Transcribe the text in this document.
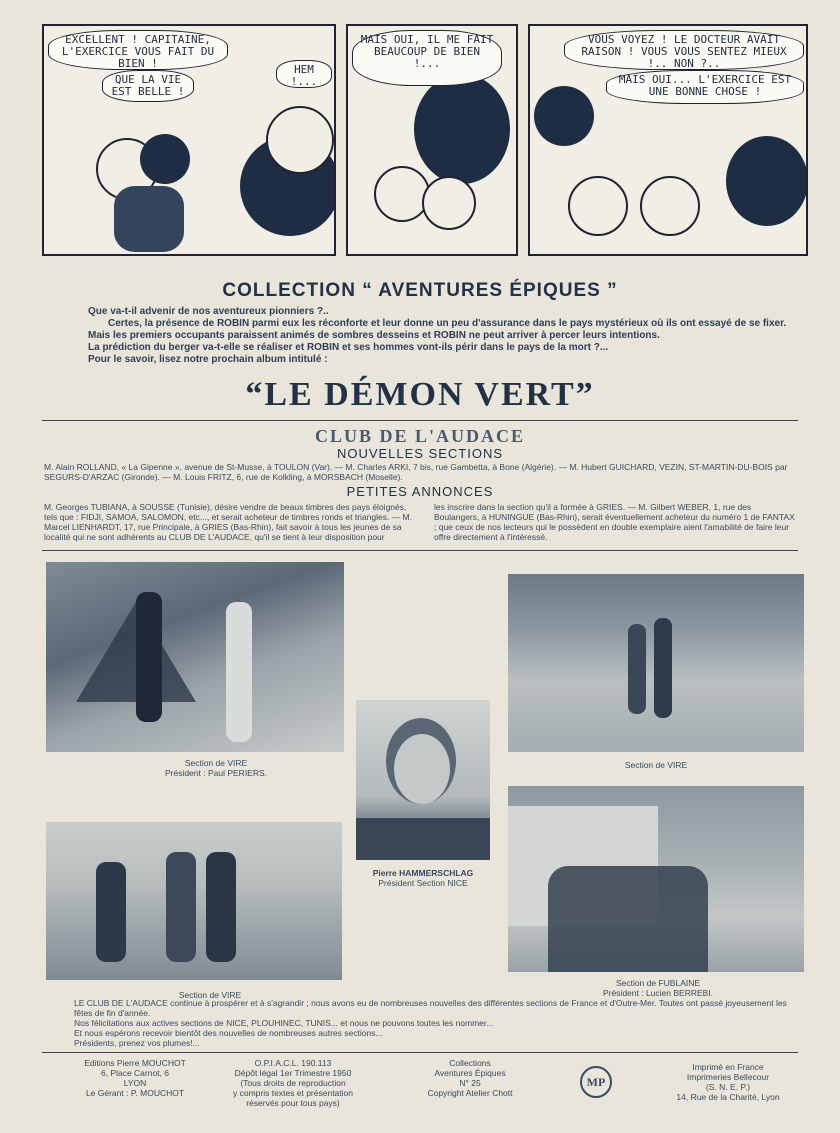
EXCELLENT ! CAPITAINE, L'EXERCICE VOUS FAIT DU BIEN !
QUE LA VIE EST BELLE !
HEM !...
MAIS OUI, IL ME FAIT BEAUCOUP DE BIEN !...
VOUS VOYEZ ! LE DOCTEUR AVAIT RAISON ! VOUS VOUS SENTEZ MIEUX !.. NON ?..
MAIS OUI... L'EXERCICE EST UNE BONNE CHOSE !
COLLECTION “ AVENTURES ÉPIQUES ”

Que va-t-il advenir de nos aventureux pionniers ?..

Certes, la présence de ROBIN parmi eux les réconforte et leur donne un peu d'assurance dans le pays mystérieux où ils ont essayé de se fixer.

Mais les premiers occupants paraissent animés de sombres desseins et ROBIN ne peut arriver à percer leurs intentions.

La prédiction du berger va-t-elle se réaliser et ROBIN et ses hommes vont-ils périr dans le pays de la mort ?...

Pour le savoir, lisez notre prochain album intitulé :

“LE DÉMON VERT”
CLUB DE L'AUDACE
NOUVELLES SECTIONS
M. Alain ROLLAND, « La Gipenne », avenue de St-Musse, à TOULON (Var). — M. Charles ARKI, 7 bis, rue Gambetta, à Bone (Algérie). — M. Hubert GUICHARD, VEZIN, ST-MARTIN-DU-BOIS par SEGURS-D'ARZAC (Gironde). — M. Louis FRITZ, 6, rue de Kolkling, à MORSBACH (Moselle).
PETITES ANNONCES
M. Georges TUBIANA, à SOUSSE (Tunisie), désire vendre de beaux timbres des pays éloignés, tels que : FIDJI, SAMOA, SALOMON, etc..., et serait acheteur de timbres ronds et triangles. — M. Marcel LIENHARDT, 17, rue Principale, à GRIES (Bas-Rhin), fait savoir à tous les jeunes de sa localité qui ne sont adhérents au CLUB DE L'AUDACE, qu'il se tient à leur disposition pour
les inscrire dans la section qu'il a formée à GRIES. — M. Gilbert WEBER, 1, rue des Boulangers, à HUNINGUE (Bas-Rhin), serait éventuellement acheteur du numéro 1 de FANTAX ; que ceux de nos lecteurs qui le possèdent en double exemplaire aient l'amabilité de faire leur offre directement à l'intéressé.
Section de VIRE
Président : Paul PERIERS.
Section de VIRE
Pierre HAMMERSCHLAG
Président Section NICE
Section de VIRE
Section de FUBLAINE
Président : Lucien BERREBI.
LE CLUB DE L'AUDACE continue à prospérer et à s'agrandir ; nous avons eu de nombreuses nouvelles des différentes sections de France et d'Outre-Mer. Toutes ont passé joyeusement les fêtes de fin d'année.
Nos félicitations aux actives sections de NICE, PLOUHINEC, TUNIS... et nous ne pouvons toutes les nommer...
Et nous espérons recevoir bientôt des nouvelles de nombreuses autres sections...
Présidents, prenez vos plumes!...
Editions Pierre MOUCHOT
6, Place Carnot, 6
LYON
Le Gérant : P. MOUCHOT
O.P.I.A.C.L. 190.113
Dépôt légal 1er Trimestre 1950
(Tous droits de reproduction
y compris textes et présentation
réservés pour tous pays)
Collections
Aventures Épiques
N° 25
Copyright Atelier Chott
MP
Imprimé en France
Imprimeries Bellecour
(S. N. E. P.)
14, Rue de la Charité, Lyon
